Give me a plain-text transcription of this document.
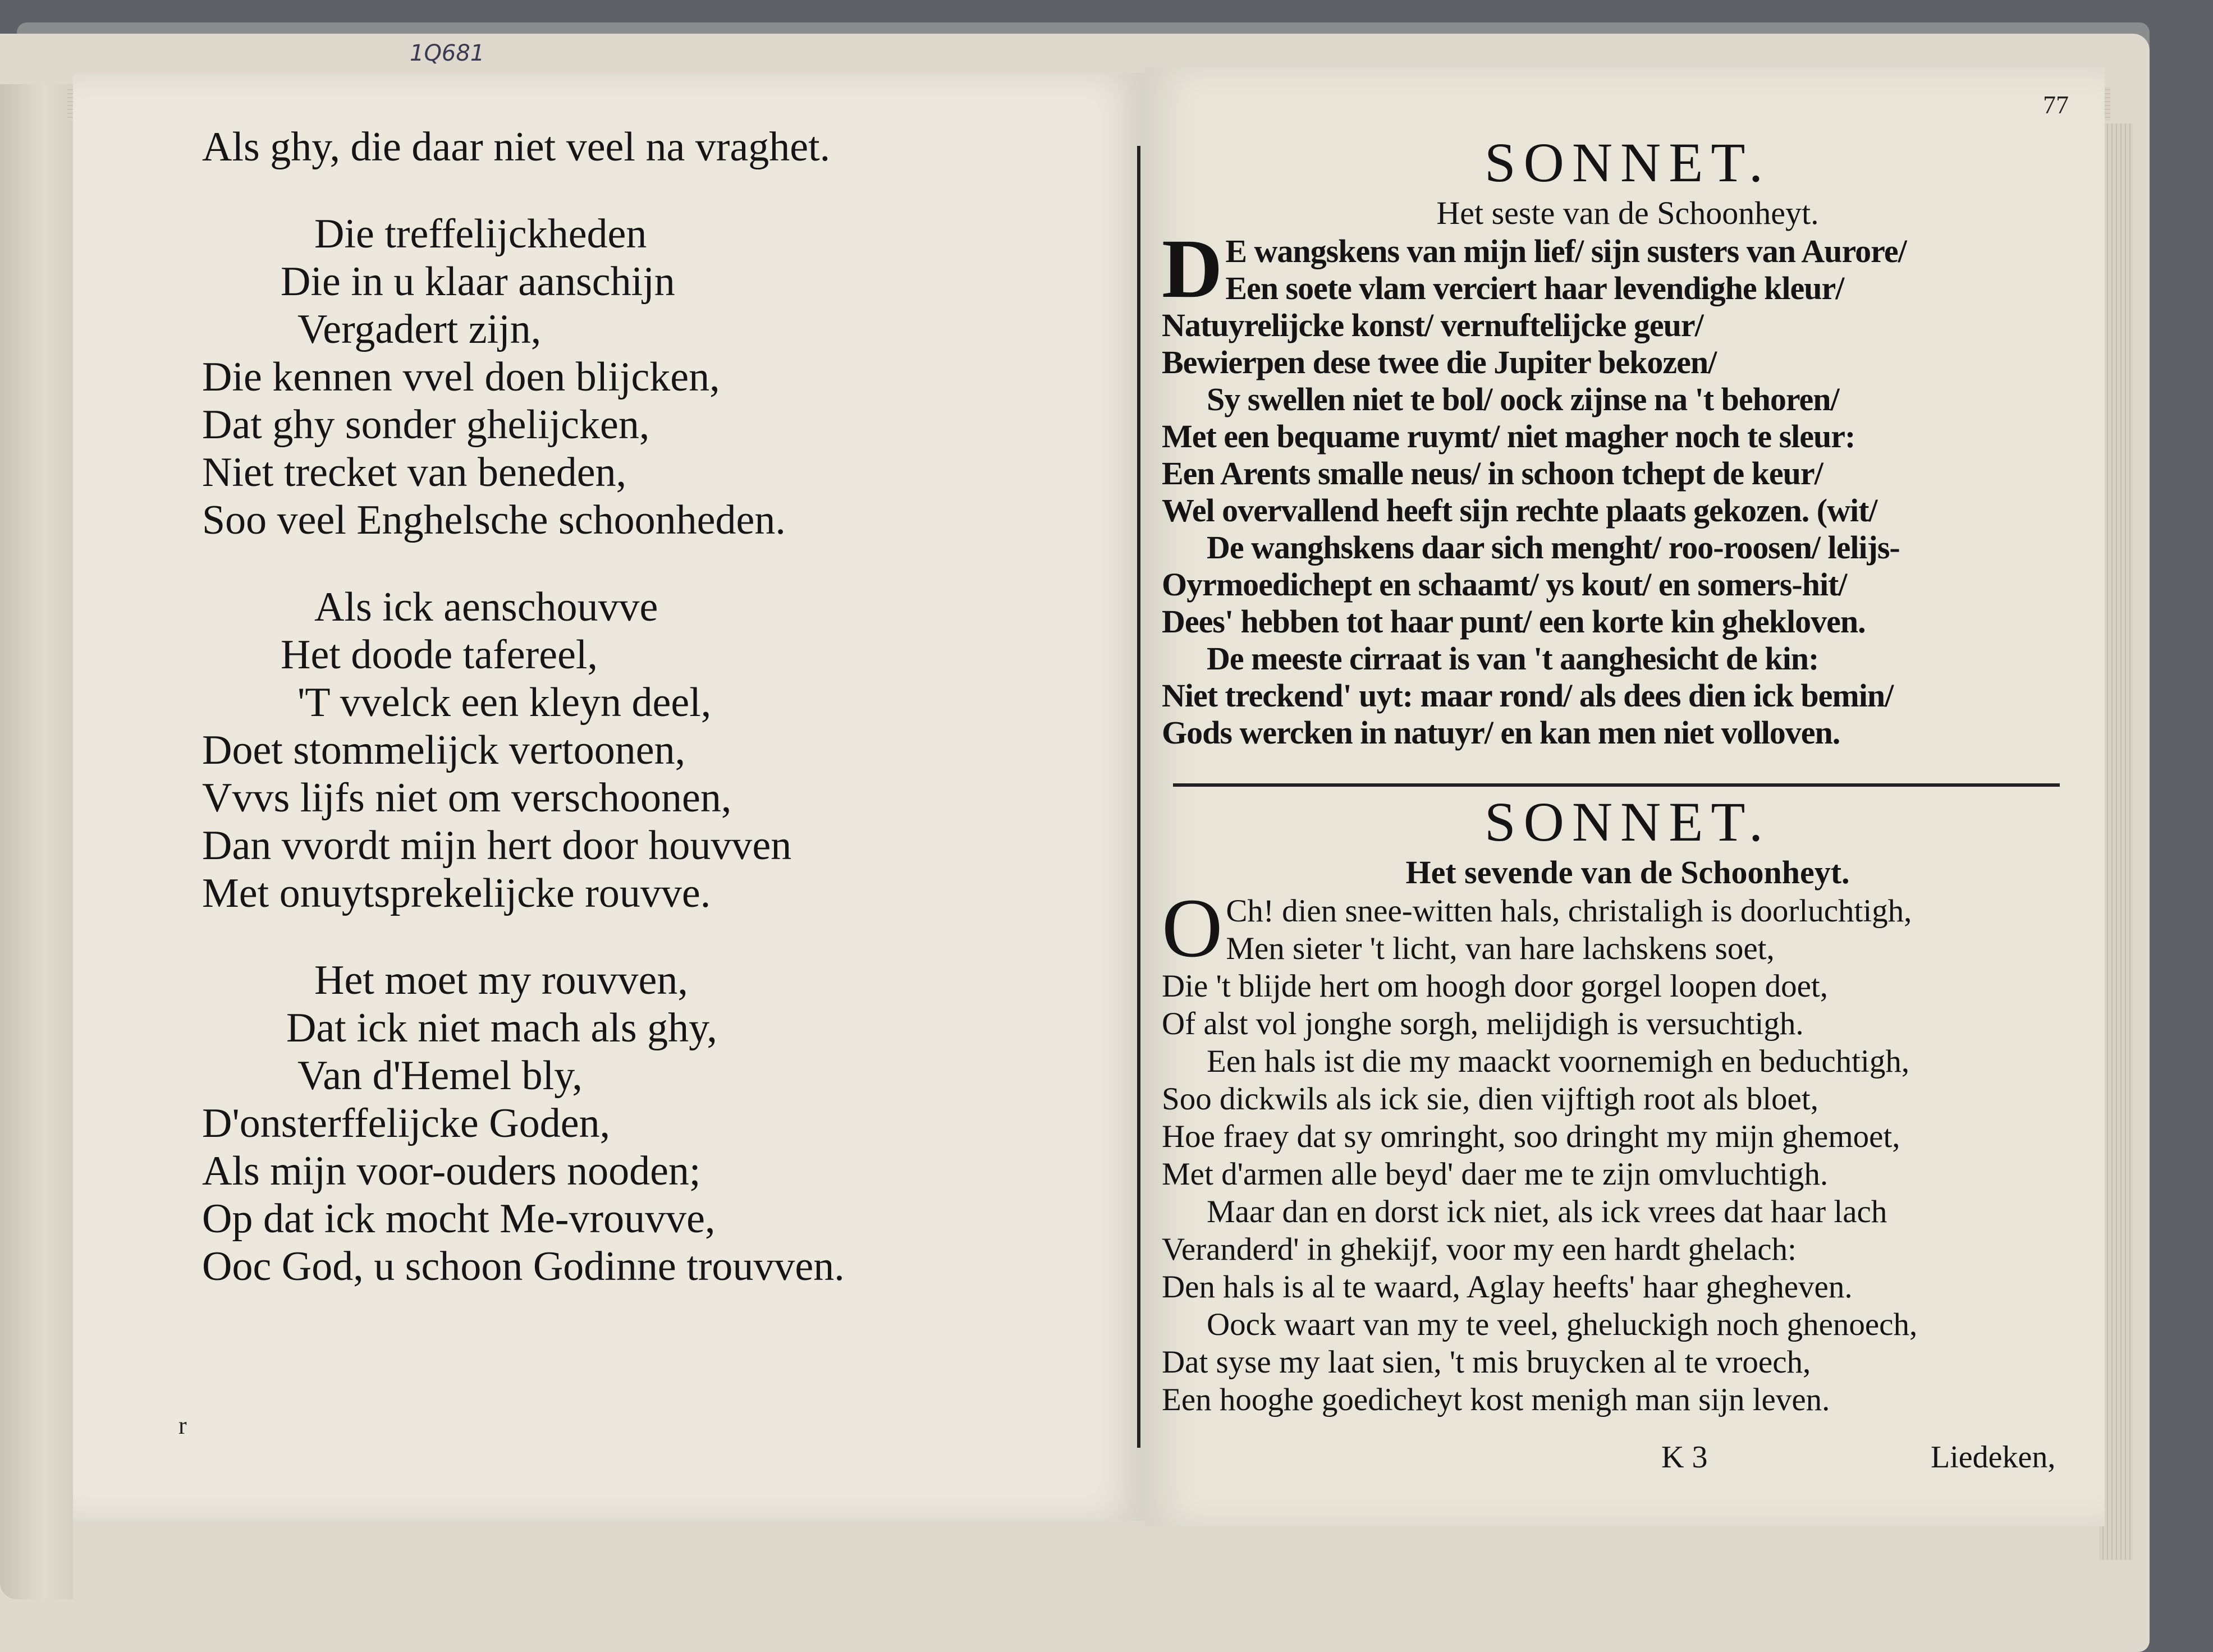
1Q681
77
Als ghy, die daar niet veel na vraghet.
Die treffelijckheden
Die in u klaar aanschijn
Vergadert zijn,
Die kennen vvel doen blijcken,
Dat ghy sonder ghelijcken,
Niet trecket van beneden,
Soo veel Enghelsche schoonheden.
Als ick aenschouvve
Het doode tafereel,
'T vvelck een kleyn deel,
Doet stommelijck vertoonen,
Vvvs lijfs niet om verschoonen,
Dan vvordt mijn hert door houvven
Met onuytsprekelijcke rouvve.
Het moet my rouvven,
Dat ick niet mach als ghy,
Van d'Hemel bly,
D'onsterffelijcke Goden,
Als mijn voor-ouders nooden;
Op dat ick mocht Me-vrouvve,
Ooc God, u schoon Godinne trouvven.
r
SONNET.
Het seste van de Schoonheyt.
D E wangskens van mijn lief/ sijn susters van Aurore/
Een soete vlam verciert haar levendighe kleur/
Natuyrelijcke konst/ vernuftelijcke geur/
Bewierpen dese twee die Jupiter bekozen/
Sy swellen niet te bol/ oock zijnse na 't behoren/
Met een bequame ruymt/ niet magher noch te sleur:
Een Arents smalle neus/ in schoon tchept de keur/
Wel overvallend heeft sijn rechte plaats gekozen. (wit/
De wanghskens daar sich menght/ roo-roosen/ lelijs-
Oyrmoedichept en schaamt/ ys kout/ en somers-hit/
Dees' hebben tot haar punt/ een korte kin ghekloven.
De meeste cirraat is van 't aanghesicht de kin:
Niet treckend' uyt: maar rond/ als dees dien ick bemin/
Gods wercken in natuyr/ en kan men niet volloven.
SONNET.
Het sevende van de Schoonheyt.
O Ch! dien snee-witten hals, christaligh is doorluchtigh,
Men sieter 't licht, van hare lachskens soet,
Die 't blijde hert om hoogh door gorgel loopen doet,
Of alst vol jonghe sorgh, melijdigh is versuchtigh.
Een hals ist die my maackt voornemigh en beduchtigh,
Soo dickwils als ick sie, dien vijftigh root als bloet,
Hoe fraey dat sy omringht, soo dringht my mijn ghemoet,
Met d'armen alle beyd' daer me te zijn omvluchtigh.
Maar dan en dorst ick niet, als ick vrees dat haar lach
Veranderd' in ghekijf, voor my een hardt ghelach:
Den hals is al te waard, Aglay heefts' haar ghegheven.
Oock waart van my te veel, gheluckigh noch ghenoech,
Dat syse my laat sien, 't mis bruycken al te vroech,
Een hooghe goedicheyt kost menigh man sijn leven.
K 3	Liedeken,
